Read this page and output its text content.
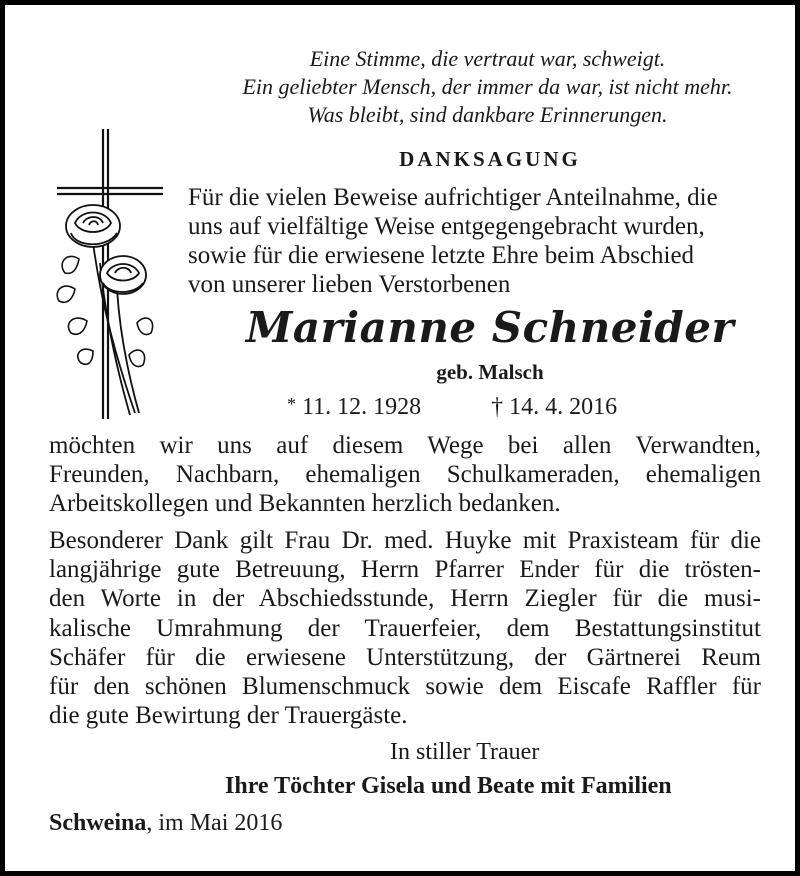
Eine Stimme, die vertraut war, schweigt.
Ein geliebter Mensch, der immer da war, ist nicht mehr.
Was bleibt, sind dankbare Erinnerungen.
DANKSAGUNG
Für die vielen Beweise aufrichtiger Anteilnahme, die
uns auf vielfältige Weise entgegengebracht wurden,
sowie für die erwiesene letzte Ehre beim Abschied
von unserer lieben Verstorbenen
Marianne Schneider
geb. Malsch
* 11. 12. 1928	† 14. 4. 2016
möchten wir uns auf diesem Wege bei allen Verwandten,
Freunden, Nachbarn, ehemaligen Schulkameraden, ehemaligen
Arbeitskollegen und Bekannten herzlich bedanken.
Besonderer Dank gilt Frau Dr. med. Huyke mit Praxisteam für die
langjährige gute Betreuung, Herrn Pfarrer Ender für die trösten-
den Worte in der Abschiedsstunde, Herrn Ziegler für die musi-
kalische Umrahmung der Trauerfeier, dem Bestattungsinstitut
Schäfer für die erwiesene Unterstützung, der Gärtnerei Reum
für den schönen Blumenschmuck sowie dem Eiscafe Raffler für
die gute Bewirtung der Trauergäste.
In stiller Trauer
Ihre Töchter Gisela und Beate mit Familien
Schweina, im Mai 2016
